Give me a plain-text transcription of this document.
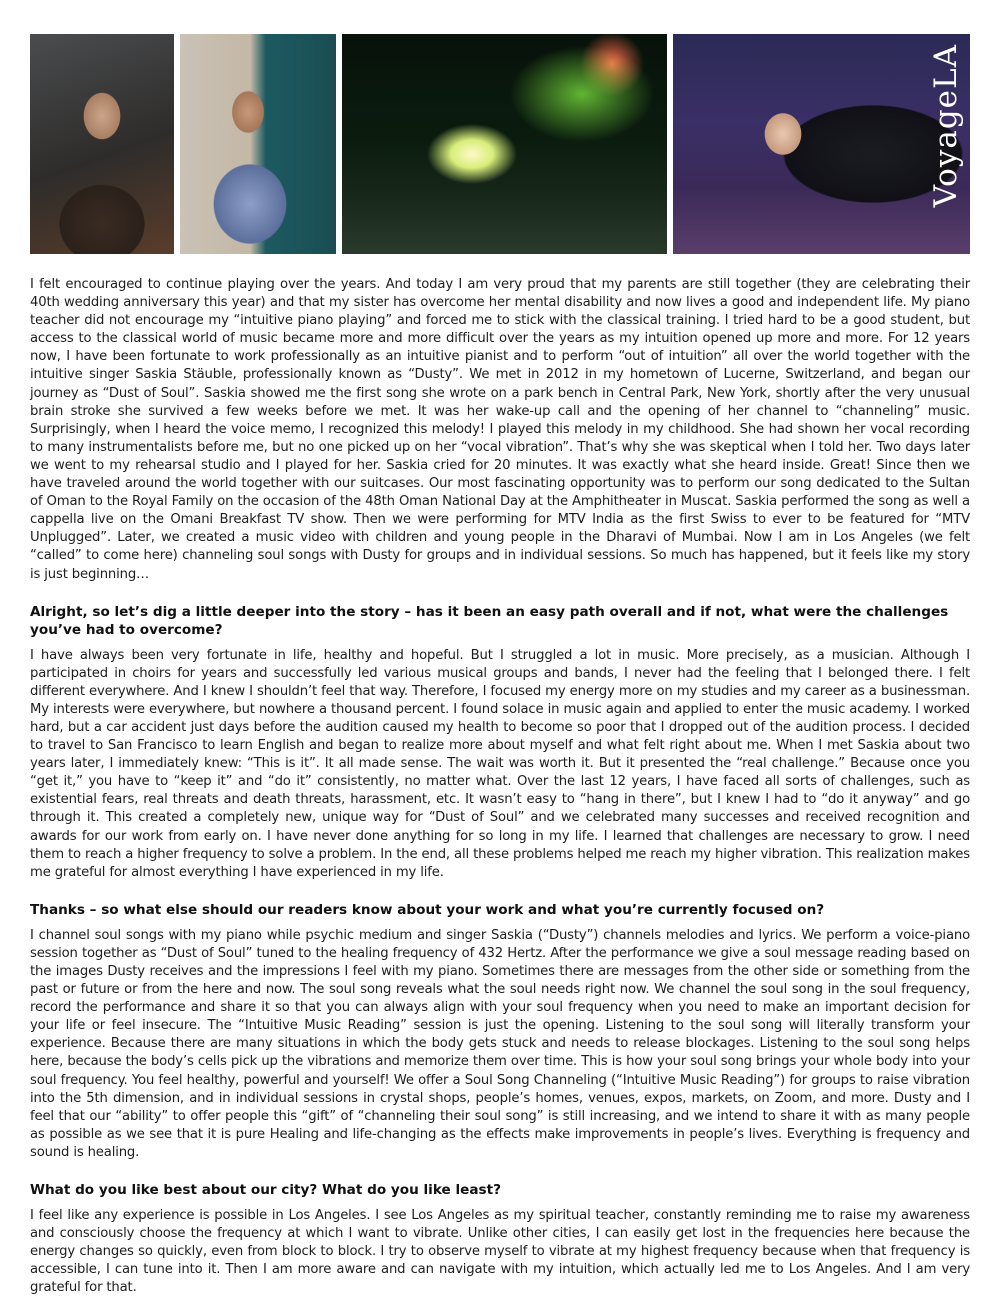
VoyageLA

I felt encouraged to continue playing over the years. And today I am very proud that my parents are still together (they are celebrating their 40th wedding anniversary this year) and that my sister has overcome her mental disability and now lives a good and independent life. My piano teacher did not encourage my “intuitive piano playing” and forced me to stick with the classical training. I tried hard to be a good student, but access to the classical world of music became more and more difficult over the years as my intuition opened up more and more. For 12 years now, I have been fortunate to work professionally as an intuitive pianist and to perform “out of intuition” all over the world together with the intuitive singer Saskia Stäuble, professionally known as “Dusty”. We met in 2012 in my hometown of Lucerne, Switzerland, and began our journey as “Dust of Soul”. Saskia showed me the first song she wrote on a park bench in Central Park, New York, shortly after the very unusual brain stroke she survived a few weeks before we met. It was her wake-up call and the opening of her channel to “channeling” music. Surprisingly, when I heard the voice memo, I recognized this melody! I played this melody in my childhood. She had shown her vocal recording to many instrumentalists before me, but no one picked up on her “vocal vibration”. That’s why she was skeptical when I told her. Two days later we went to my rehearsal studio and I played for her. Saskia cried for 20 minutes. It was exactly what she heard inside. Great! Since then we have traveled around the world together with our suitcases. Our most fascinating opportunity was to perform our song dedicated to the Sultan of Oman to the Royal Family on the occasion of the 48th Oman National Day at the Amphitheater in Muscat. Saskia performed the song as well a cappella live on the Omani Breakfast TV show. Then we were performing for MTV India as the first Swiss to ever to be featured for “MTV Unplugged”. Later, we created a music video with children and young people in the Dharavi of Mumbai. Now I am in Los Angeles (we felt “called” to come here) channeling soul songs with Dusty for groups and in individual sessions. So much has happened, but it feels like my story is just beginning…

Alright, so let’s dig a little deeper into the story – has it been an easy path overall and if not, what were the challenges you’ve had to overcome?

I have always been very fortunate in life, healthy and hopeful. But I struggled a lot in music. More precisely, as a musician. Although I participated in choirs for years and successfully led various musical groups and bands, I never had the feeling that I belonged there. I felt different everywhere. And I knew I shouldn’t feel that way. Therefore, I focused my energy more on my studies and my career as a businessman. My interests were everywhere, but nowhere a thousand percent. I found solace in music again and applied to enter the music academy. I worked hard, but a car accident just days before the audition caused my health to become so poor that I dropped out of the audition process. I decided to travel to San Francisco to learn English and began to realize more about myself and what felt right about me. When I met Saskia about two years later, I immediately knew: “This is it”. It all made sense. The wait was worth it. But it presented the “real challenge.” Because once you “get it,” you have to “keep it” and “do it” consistently, no matter what. Over the last 12 years, I have faced all sorts of challenges, such as existential fears, real threats and death threats, harassment, etc. It wasn’t easy to “hang in there”, but I knew I had to “do it anyway” and go through it. This created a completely new, unique way for “Dust of Soul” and we celebrated many successes and received recognition and awards for our work from early on. I have never done anything for so long in my life. I learned that challenges are necessary to grow. I need them to reach a higher frequency to solve a problem. In the end, all these problems helped me reach my higher vibration. This realization makes me grateful for almost everything I have experienced in my life.

Thanks – so what else should our readers know about your work and what you’re currently focused on?

I channel soul songs with my piano while psychic medium and singer Saskia (“Dusty”) channels melodies and lyrics. We perform a voice-piano session together as “Dust of Soul” tuned to the healing frequency of 432 Hertz. After the performance we give a soul message reading based on the images Dusty receives and the impressions I feel with my piano. Sometimes there are messages from the other side or something from the past or future or from the here and now. The soul song reveals what the soul needs right now. We channel the soul song in the soul frequency, record the performance and share it so that you can always align with your soul frequency when you need to make an important decision for your life or feel insecure. The “Intuitive Music Reading” session is just the opening. Listening to the soul song will literally transform your experience. Because there are many situations in which the body gets stuck and needs to release blockages. Listening to the soul song helps here, because the body’s cells pick up the vibrations and memorize them over time. This is how your soul song brings your whole body into your soul frequency. You feel healthy, powerful and yourself! We offer a Soul Song Channeling (“Intuitive Music Reading”) for groups to raise vibration into the 5th dimension, and in individual sessions in crystal shops, people’s homes, venues, expos, markets, on Zoom, and more. Dusty and I feel that our “ability” to offer people this “gift” of “channeling their soul song” is still increasing, and we intend to share it with as many people as possible as we see that it is pure Healing and life-changing as the effects make improvements in people’s lives. Everything is frequency and sound is healing.

What do you like best about our city? What do you like least?

I feel like any experience is possible in Los Angeles. I see Los Angeles as my spiritual teacher, constantly reminding me to raise my awareness and consciously choose the frequency at which I want to vibrate. Unlike other cities, I can easily get lost in the frequencies here because the energy changes so quickly, even from block to block. I try to observe myself to vibrate at my highest frequency because when that frequency is accessible, I can tune into it. Then I am more aware and can navigate with my intuition, which actually led me to Los Angeles. And I am very grateful for that.
